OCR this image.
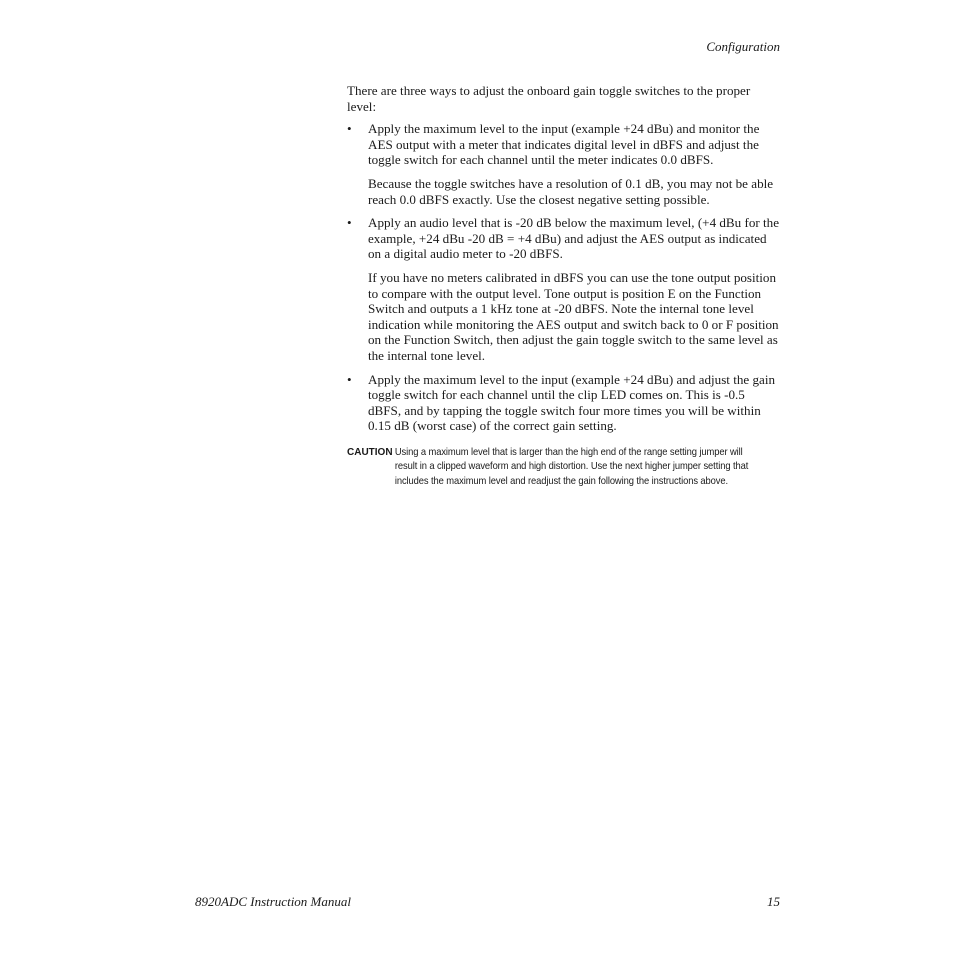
Configuration

There are three ways to adjust the onboard gain toggle switches to the proper level:

•	Apply the maximum level to the input (example +24 dBu) and monitor the AES output with a meter that indicates digital level in dBFS and adjust the toggle switch for each channel until the meter indicates 0.0 dBFS.

Because the toggle switches have a resolution of 0.1 dB, you may not be able reach 0.0 dBFS exactly. Use the closest negative setting possible.

•	Apply an audio level that is -20 dB below the maximum level, (+4 dBu for the example, +24 dBu -20 dB = +4 dBu) and adjust the AES output as indicated on a digital audio meter to -20 dBFS.

If you have no meters calibrated in dBFS you can use the tone output position to compare with the output level. Tone output is position E on the Function Switch and outputs a 1 kHz tone at -20 dBFS. Note the internal tone level indication while monitoring the AES output and switch back to 0 or F position on the Function Switch, then adjust the gain toggle switch to the same level as the internal tone level.

•	Apply the maximum level to the input (example +24 dBu) and adjust the gain toggle switch for each channel until the clip LED comes on. This is -0.5 dBFS, and by tapping the toggle switch four more times you will be within 0.15 dB (worst case) of the correct gain setting.

CAUTION Using a maximum level that is larger than the high end of the range setting jumper will result in a clipped waveform and high distortion. Use the next higher jumper setting that includes the maximum level and readjust the gain following the instructions above.

8920ADC Instruction Manual	15
